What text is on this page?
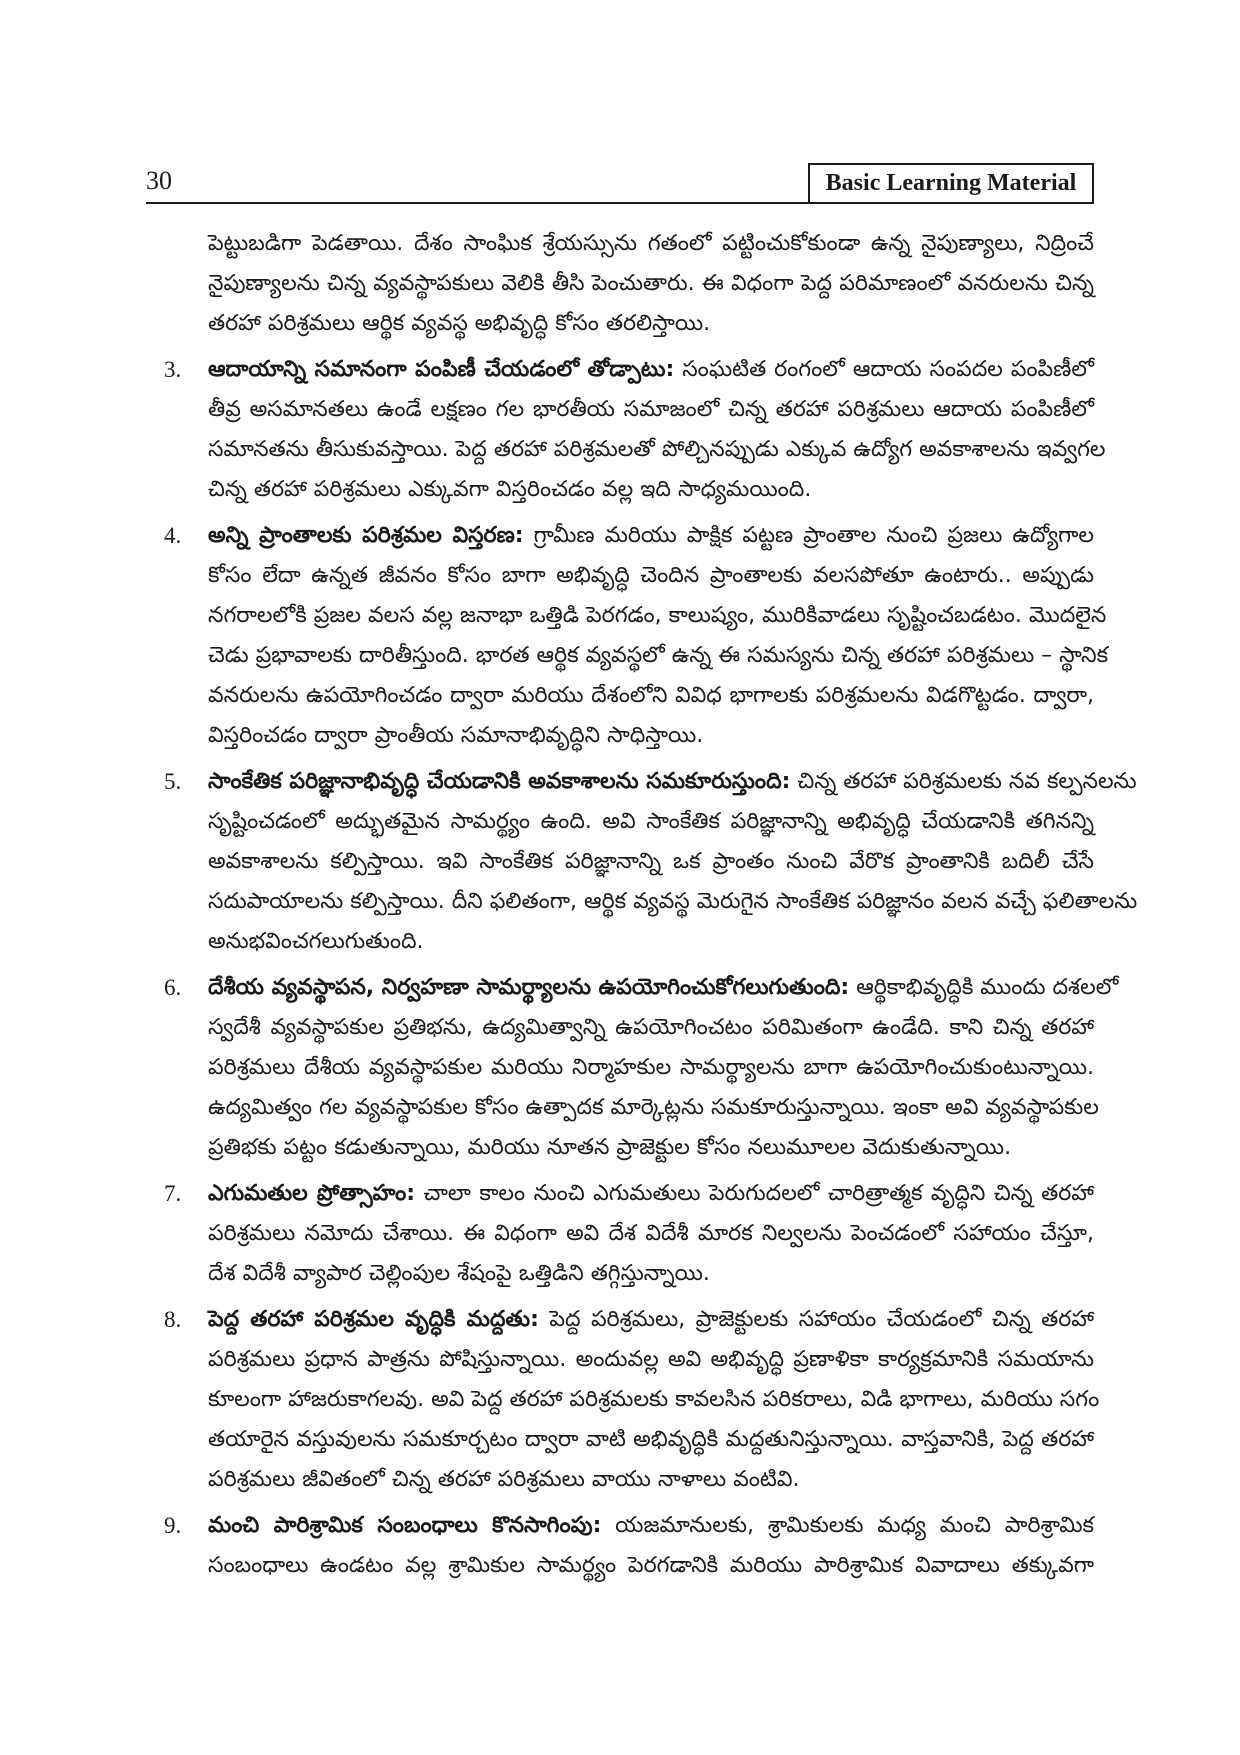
30	Basic Learning Material
పెట్టుబడిగా పెడతాయి. దేశం సాంఘిక శ్రేయస్సును గతంలో పట్టించుకోకుండా ఉన్న నైపుణ్యాలు, నిద్రించే
నైపుణ్యాలను చిన్న వ్యవస్థాపకులు వెలికి తీసి పెంచుతారు. ఈ విధంగా పెద్ద పరిమాణంలో వనరులను చిన్న
తరహా పరిశ్రమలు ఆర్థిక వ్యవస్థ అభివృద్ధి కోసం తరలిస్తాయి.
3. ఆదాయాన్ని సమానంగా పంపిణీ చేయడంలో తోడ్పాటు: సంఘటిత రంగంలో ఆదాయ సంపదల పంపిణీలో
తీవ్ర అసమానతలు ఉండే లక్షణం గల భారతీయ సమాజంలో చిన్న తరహా పరిశ్రమలు ఆదాయ పంపిణీలో
సమానతను తీసుకువస్తాయి. పెద్ద తరహా పరిశ్రమలతో పోల్చినప్పుడు ఎక్కువ ఉద్యోగ అవకాశాలను ఇవ్వగల
చిన్న తరహా పరిశ్రమలు ఎక్కువగా విస్తరించడం వల్ల ఇది సాధ్యమయింది.
4. అన్ని ప్రాంతాలకు పరిశ్రమల విస్తరణ: గ్రామీణ మరియు పాక్షిక పట్టణ ప్రాంతాల నుంచి ప్రజలు ఉద్యోగాల
కోసం లేదా ఉన్నత జీవనం కోసం బాగా అభివృద్ధి చెందిన ప్రాంతాలకు వలసపోతూ ఉంటారు.. అప్పుడు
నగరాలలోకి ప్రజల వలస వల్ల జనాభా ఒత్తిడి పెరగడం, కాలుష్యం, మురికివాడలు సృష్టించబడటం. మొదలైన
చెడు ప్రభావాలకు దారితీస్తుంది. భారత ఆర్థిక వ్యవస్థలో ఉన్న ఈ సమస్యను చిన్న తరహా పరిశ్రమలు – స్థానిక
వనరులను ఉపయోగించడం ద్వారా మరియు దేశంలోని వివిధ భాగాలకు పరిశ్రమలను విడగొట్టడం. ద్వారా,
విస్తరించడం ద్వారా ప్రాంతీయ సమానాభివృద్ధిని సాధిస్తాయి.
5. సాంకేతిక పరిజ్ఞానాభివృద్ధి చేయడానికి అవకాశాలను సమకూరుస్తుంది: చిన్న తరహా పరిశ్రమలకు నవ కల్పనలను
సృష్టించడంలో అద్భుతమైన సామర్థ్యం ఉంది. అవి సాంకేతిక పరిజ్ఞానాన్ని అభివృద్ధి చేయడానికి తగినన్ని
అవకాశాలను కల్పిస్తాయి. ఇవి సాంకేతిక పరిజ్ఞానాన్ని ఒక ప్రాంతం నుంచి వేరొక ప్రాంతానికి బదిలీ చేసే
సదుపాయాలను కల్పిస్తాయి. దీని ఫలితంగా, ఆర్థిక వ్యవస్థ మెరుగైన సాంకేతిక పరిజ్ఞానం వలన వచ్చే ఫలితాలను
అనుభవించగలుగుతుంది.
6. దేశీయ వ్యవస్థాపన, నిర్వహణా సామర్థ్యాలను ఉపయోగించుకోగలుగుతుంది: ఆర్థికాభివృద్ధికి ముందు దశలలో
స్వదేశీ వ్యవస్థాపకుల ప్రతిభను, ఉద్యమిత్వాన్ని ఉపయోగించటం పరిమితంగా ఉండేది. కాని చిన్న తరహా
పరిశ్రమలు దేశీయ వ్యవస్థాపకుల మరియు నిర్మాహకుల సామర్థ్యాలను బాగా ఉపయోగించుకుంటున్నాయి.
ఉద్యమిత్వం గల వ్యవస్థాపకుల కోసం ఉత్పాదక మార్కెట్లను సమకూరుస్తున్నాయి. ఇంకా అవి వ్యవస్థాపకుల
ప్రతిభకు పట్టం కడుతున్నాయి, మరియు నూతన ప్రాజెక్టుల కోసం నలుమూలల వెదుకుతున్నాయి.
7. ఎగుమతుల ప్రోత్సాహం: చాలా కాలం నుంచి ఎగుమతులు పెరుగుదలలో చారిత్రాత్మక వృద్ధిని చిన్న తరహా
పరిశ్రమలు నమోదు చేశాయి. ఈ విధంగా అవి దేశ విదేశీ మారక నిల్వలను పెంచడంలో సహాయం చేస్తూ,
దేశ విదేశీ వ్యాపార చెల్లింపుల శేషంపై ఒత్తిడిని తగ్గిస్తున్నాయి.
8. పెద్ద తరహా పరిశ్రమల వృద్ధికి మద్దతు: పెద్ద పరిశ్రమలు, ప్రాజెక్టులకు సహాయం చేయడంలో చిన్న తరహా
పరిశ్రమలు ప్రధాన పాత్రను పోషిస్తున్నాయి. అందువల్ల అవి అభివృద్ధి ప్రణాళికా కార్యక్రమానికి సమయాను
కూలంగా హాజరుకాగలవు. అవి పెద్ద తరహా పరిశ్రమలకు కావలసిన పరికరాలు, విడి భాగాలు, మరియు సగం
తయారైన వస్తువులను సమకూర్చటం ద్వారా వాటి అభివృద్ధికి మద్దతునిస్తున్నాయి. వాస్తవానికి, పెద్ద తరహా
పరిశ్రమలు జీవితంలో చిన్న తరహా పరిశ్రమలు వాయు నాళాలు వంటివి.
9. మంచి పారిశ్రామిక సంబంధాలు కొనసాగింపు: యజమానులకు, శ్రామికులకు మధ్య మంచి పారిశ్రామిక
సంబంధాలు ఉండటం వల్ల శ్రామికుల సామర్థ్యం పెరగడానికి మరియు పారిశ్రామిక వివాదాలు తక్కువగా
